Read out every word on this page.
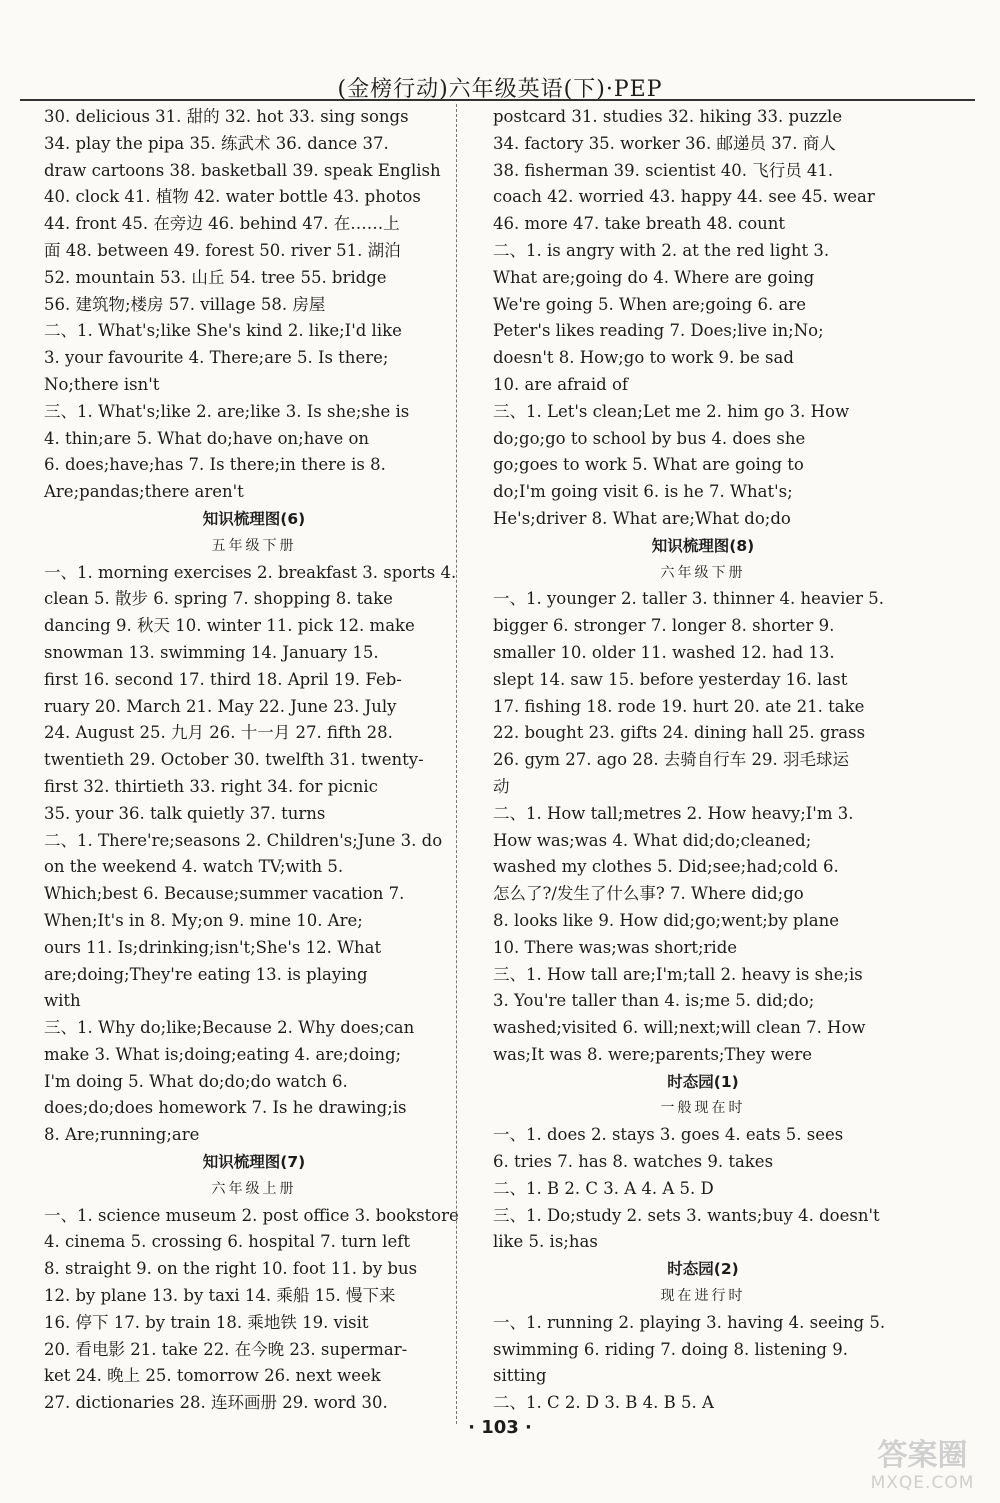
(金榜行动)六年级英语(下)·PEP
30. delicious 31. 甜的 32. hot 33. sing songs
34. play the pipa 35. 练武术 36. dance 37.
draw cartoons 38. basketball 39. speak English
40. clock 41. 植物 42. water bottle 43. photos
44. front 45. 在旁边 46. behind 47. 在……上
面 48. between 49. forest 50. river 51. 湖泊
52. mountain 53. 山丘 54. tree 55. bridge
56. 建筑物;楼房 57. village 58. 房屋
二、1. What's;like She's kind 2. like;I'd like
3. your favourite 4. There;are 5. Is there;
No;there isn't
三、1. What's;like 2. are;like 3. Is she;she is
4. thin;are 5. What do;have on;have on
6. does;have;has 7. Is there;in there is 8.
Are;pandas;there aren't
知识梳理图(6)
五年级下册
一、1. morning exercises 2. breakfast 3. sports 4.
clean 5. 散步 6. spring 7. shopping 8. take
dancing 9. 秋天 10. winter 11. pick 12. make
snowman 13. swimming 14. January 15.
first 16. second 17. third 18. April 19. Feb-
ruary 20. March 21. May 22. June 23. July
24. August 25. 九月 26. 十一月 27. fifth 28.
twentieth 29. October 30. twelfth 31. twenty-
first 32. thirtieth 33. right 34. for picnic
35. your 36. talk quietly 37. turns
二、1. There're;seasons 2. Children's;June 3. do
on the weekend 4. watch TV;with 5.
Which;best 6. Because;summer vacation 7.
When;It's in 8. My;on 9. mine 10. Are;
ours 11. Is;drinking;isn't;She's 12. What
are;doing;They're eating 13. is playing
with
三、1. Why do;like;Because 2. Why does;can
make 3. What is;doing;eating 4. are;doing;
I'm doing 5. What do;do;do watch 6.
does;do;does homework 7. Is he drawing;is
8. Are;running;are
知识梳理图(7)
六年级上册
一、1. science museum 2. post office 3. bookstore
4. cinema 5. crossing 6. hospital 7. turn left
8. straight 9. on the right 10. foot 11. by bus
12. by plane 13. by taxi 14. 乘船 15. 慢下来
16. 停下 17. by train 18. 乘地铁 19. visit
20. 看电影 21. take 22. 在今晚 23. supermar-
ket 24. 晚上 25. tomorrow 26. next week
27. dictionaries 28. 连环画册 29. word 30.
postcard 31. studies 32. hiking 33. puzzle
34. factory 35. worker 36. 邮递员 37. 商人
38. fisherman 39. scientist 40. 飞行员 41.
coach 42. worried 43. happy 44. see 45. wear
46. more 47. take breath 48. count
二、1. is angry with 2. at the red light 3.
What are;going do 4. Where are going
We're going 5. When are;going 6. are
Peter's likes reading 7. Does;live in;No;
doesn't 8. How;go to work 9. be sad
10. are afraid of
三、1. Let's clean;Let me 2. him go 3. How
do;go;go to school by bus 4. does she
go;goes to work 5. What are going to
do;I'm going visit 6. is he 7. What's;
He's;driver 8. What are;What do;do
知识梳理图(8)
六年级下册
一、1. younger 2. taller 3. thinner 4. heavier 5.
bigger 6. stronger 7. longer 8. shorter 9.
smaller 10. older 11. washed 12. had 13.
slept 14. saw 15. before yesterday 16. last
17. fishing 18. rode 19. hurt 20. ate 21. take
22. bought 23. gifts 24. dining hall 25. grass
26. gym 27. ago 28. 去骑自行车 29. 羽毛球运
动
二、1. How tall;metres 2. How heavy;I'm 3.
How was;was 4. What did;do;cleaned;
washed my clothes 5. Did;see;had;cold 6.
怎么了?/发生了什么事? 7. Where did;go
8. looks like 9. How did;go;went;by plane
10. There was;was short;ride
三、1. How tall are;I'm;tall 2. heavy is she;is
3. You're taller than 4. is;me 5. did;do;
washed;visited 6. will;next;will clean 7. How
was;It was 8. were;parents;They were
时态园(1)
一般现在时
一、1. does 2. stays 3. goes 4. eats 5. sees
6. tries 7. has 8. watches 9. takes
二、1. B 2. C 3. A 4. A 5. D
三、1. Do;study 2. sets 3. wants;buy 4. doesn't
like 5. is;has
时态园(2)
现在进行时
一、1. running 2. playing 3. having 4. seeing 5.
swimming 6. riding 7. doing 8. listening 9.
sitting
二、1. C 2. D 3. B 4. B 5. A
· 103 ·
答案圈
MXQE.COM
